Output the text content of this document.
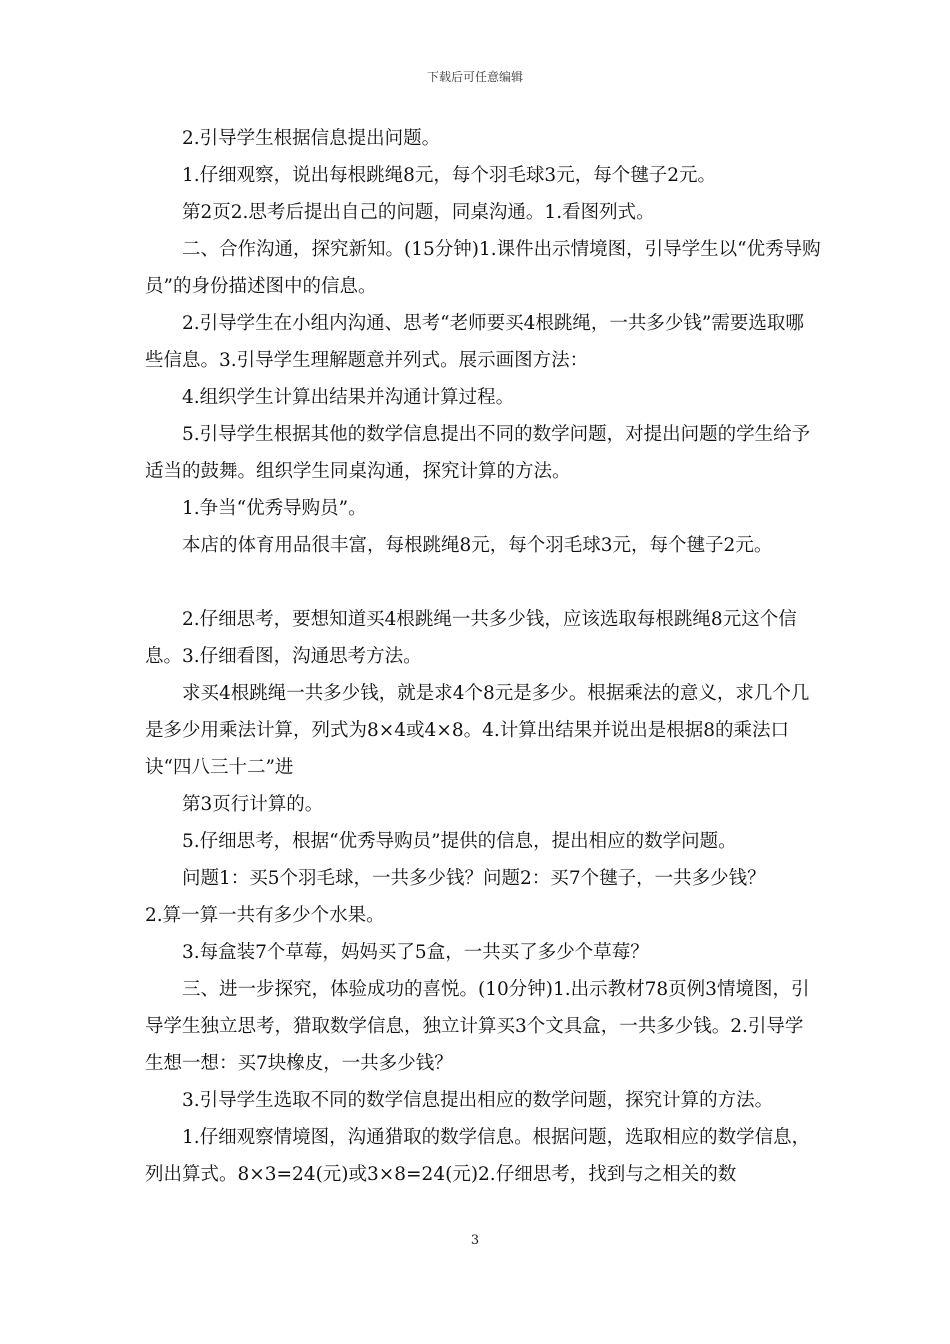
下载后可任意编辑

2.引导学生根据信息提出问题。

1.仔细观察，说出每根跳绳8元，每个羽毛球3元，每个毽子2元。

第2页2.思考后提出自己的问题，同桌沟通。1.看图列式。

二、合作沟通，探究新知。(15分钟)1.课件出示情境图，引导学生以“优秀导购员”的身份描述图中的信息。

2.引导学生在小组内沟通、思考“老师要买4根跳绳，一共多少钱”需要选取哪些信息。3.引导学生理解题意并列式。展示画图方法：

4.组织学生计算出结果并沟通计算过程。

5.引导学生根据其他的数学信息提出不同的数学问题，对提出问题的学生给予适当的鼓舞。组织学生同桌沟通，探究计算的方法。

1.争当“优秀导购员”。

本店的体育用品很丰富，每根跳绳8元，每个羽毛球3元，每个毽子2元。

2.仔细思考，要想知道买4根跳绳一共多少钱，应该选取每根跳绳8元这个信息。3.仔细看图，沟通思考方法。

求买4根跳绳一共多少钱，就是求4个8元是多少。根据乘法的意义，求几个几是多少用乘法计算，列式为8×4或4×8。4.计算出结果并说出是根据8的乘法口诀“四八三十二”进

第3页行计算的。

5.仔细思考，根据“优秀导购员”提供的信息，提出相应的数学问题。

问题1：买5个羽毛球，一共多少钱？问题2：买7个毽子，一共多少钱？

2.算一算一共有多少个水果。

3.每盒装7个草莓，妈妈买了5盒，一共买了多少个草莓？

三、进一步探究，体验成功的喜悦。(10分钟)1.出示教材78页例3情境图，引导学生独立思考，猎取数学信息，独立计算买3个文具盒，一共多少钱。2.引导学生想一想：买7块橡皮，一共多少钱？

3.引导学生选取不同的数学信息提出相应的数学问题，探究计算的方法。

1.仔细观察情境图，沟通猎取的数学信息。根据问题，选取相应的数学信息，列出算式。8×3=24(元)或3×8=24(元)2.仔细思考，找到与之相关的数

3
